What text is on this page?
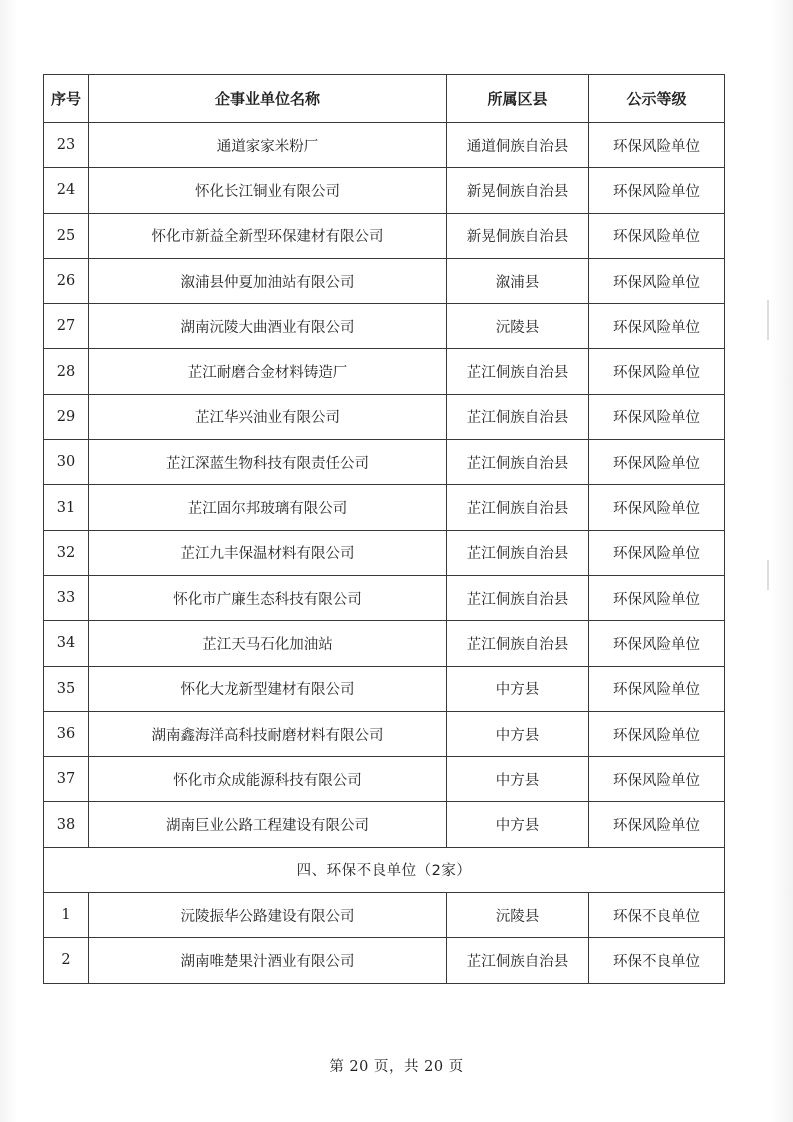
序号	企事业单位名称	所属区县	公示等级
23	通道家家米粉厂	通道侗族自治县	环保风险单位
24	怀化长江铜业有限公司	新晃侗族自治县	环保风险单位
25	怀化市新益全新型环保建材有限公司	新晃侗族自治县	环保风险单位
26	溆浦县仲夏加油站有限公司	溆浦县	环保风险单位
27	湖南沅陵大曲酒业有限公司	沅陵县	环保风险单位
28	芷江耐磨合金材料铸造厂	芷江侗族自治县	环保风险单位
29	芷江华兴油业有限公司	芷江侗族自治县	环保风险单位
30	芷江深蓝生物科技有限责任公司	芷江侗族自治县	环保风险单位
31	芷江固尔邦玻璃有限公司	芷江侗族自治县	环保风险单位
32	芷江九丰保温材料有限公司	芷江侗族自治县	环保风险单位
33	怀化市广廉生态科技有限公司	芷江侗族自治县	环保风险单位
34	芷江天马石化加油站	芷江侗族自治县	环保风险单位
35	怀化大龙新型建材有限公司	中方县	环保风险单位
36	湖南鑫海洋高科技耐磨材料有限公司	中方县	环保风险单位
37	怀化市众成能源科技有限公司	中方县	环保风险单位
38	湖南巨业公路工程建设有限公司	中方县	环保风险单位
四、环保不良单位（2家）			
1	沅陵振华公路建设有限公司	沅陵县	环保不良单位
2	湖南唯楚果汁酒业有限公司	芷江侗族自治县	环保不良单位
第 20 页，共 20 页
